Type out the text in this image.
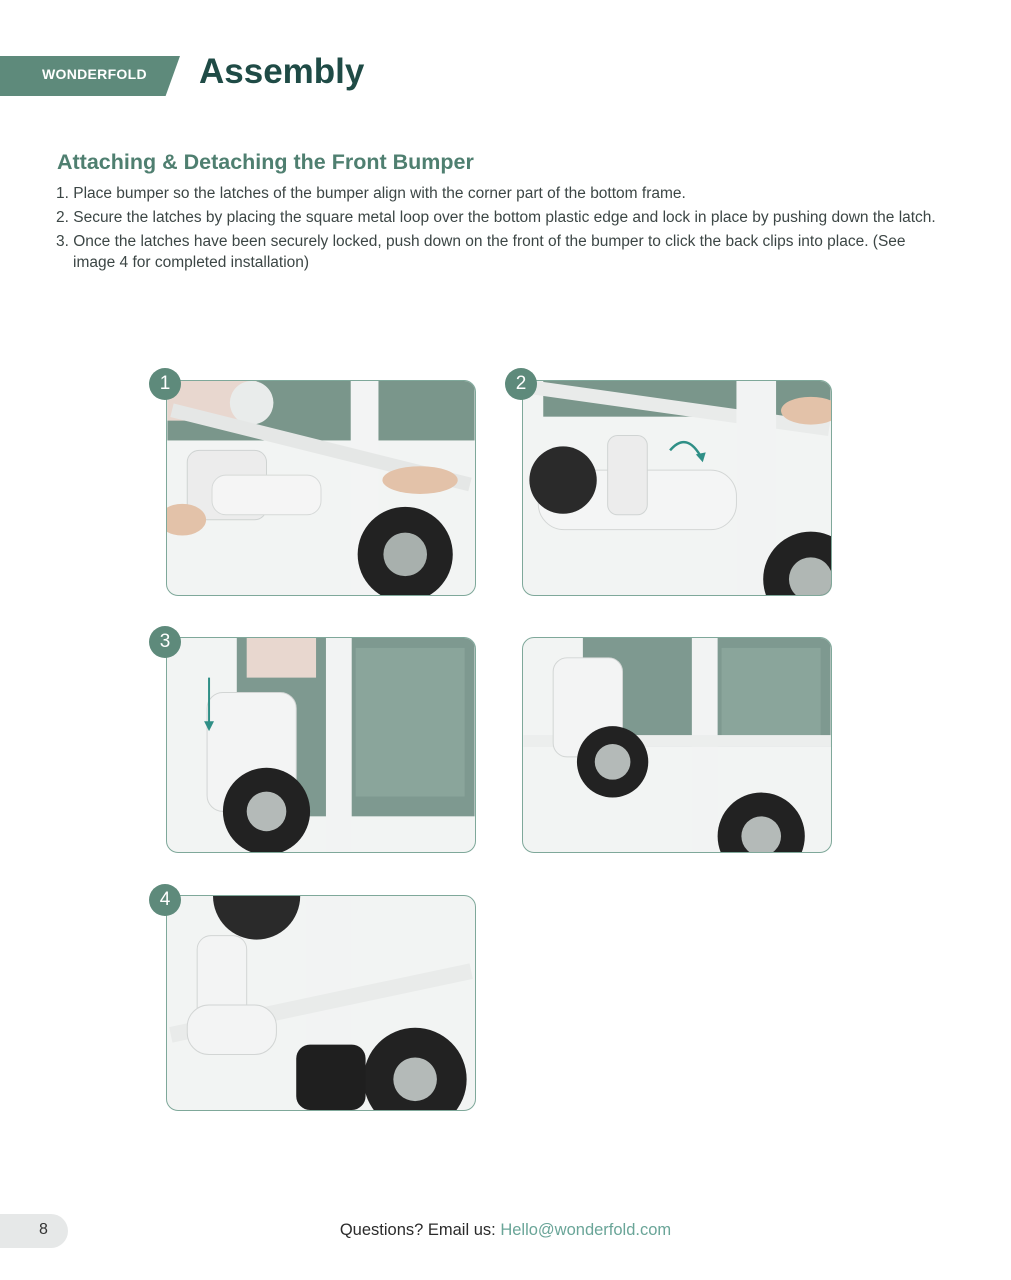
WONDERFOLD Assembly
Attaching & Detaching the Front Bumper
1. Place bumper so the latches of the bumper align with the corner part of the bottom frame.
2. Secure the latches by placing the square metal loop over the bottom plastic edge and lock in place by pushing down the latch.
3. Once the latches have been securely locked, push down on the front of the bumper to click the back clips into place. (See image 4 for completed installation)
1	2
3
4
8	Questions? Email us: Hello@wonderfold.com
